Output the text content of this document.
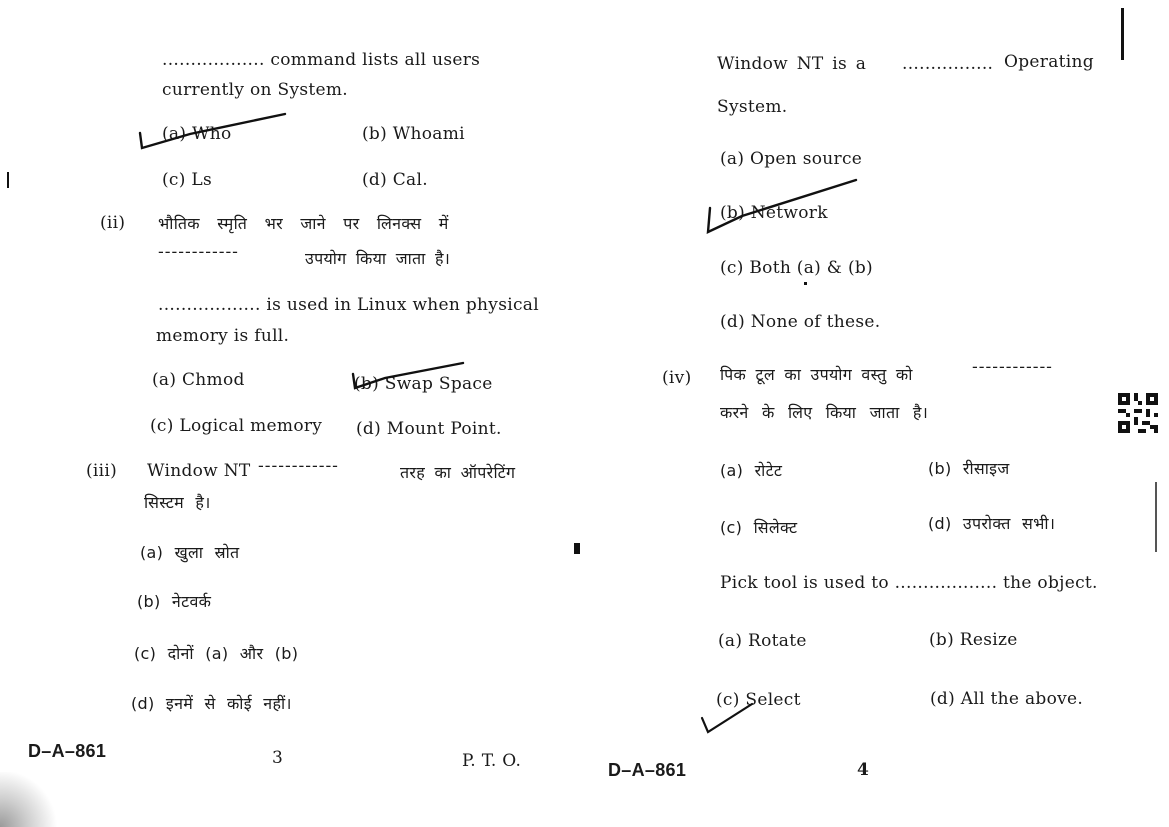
.................. command lists all users
currently on System.
(a) Who	(b) Whoami
(c) Ls	(d) Cal.
(ii) भौतिक स्मृति भर जाने पर लिनक्स में
------------	उपयोग किया जाता है।
.................. is used in Linux when physical
memory is full.
(a) Chmod	(b) Swap Space
(c) Logical memory (d) Mount Point.
(iii) Window NT ------------	तरह का ऑपरेटिंग
सिस्टम है।
(a) खुला स्रोत
(b) नेटवर्क
(c) दोनों (a) और (b)
(d) इनमें से कोई नहीं।
D–A–861	3	P. T. O.
Window NT is a ................ Operating
System.
(a) Open source
(b) Network
(c) Both (a) & (b)
(d) None of these.
(iv) पिक टूल का उपयोग वस्तु को	------------
करने के लिए किया जाता है।
(a) रोटेट	(b) रीसाइज
(c) सिलेक्ट	(d) उपरोक्त सभी।
Pick tool is used to .................. the object.
(a) Rotate	(b) Resize
(c) Select	(d) All the above.
D–A–861	4
